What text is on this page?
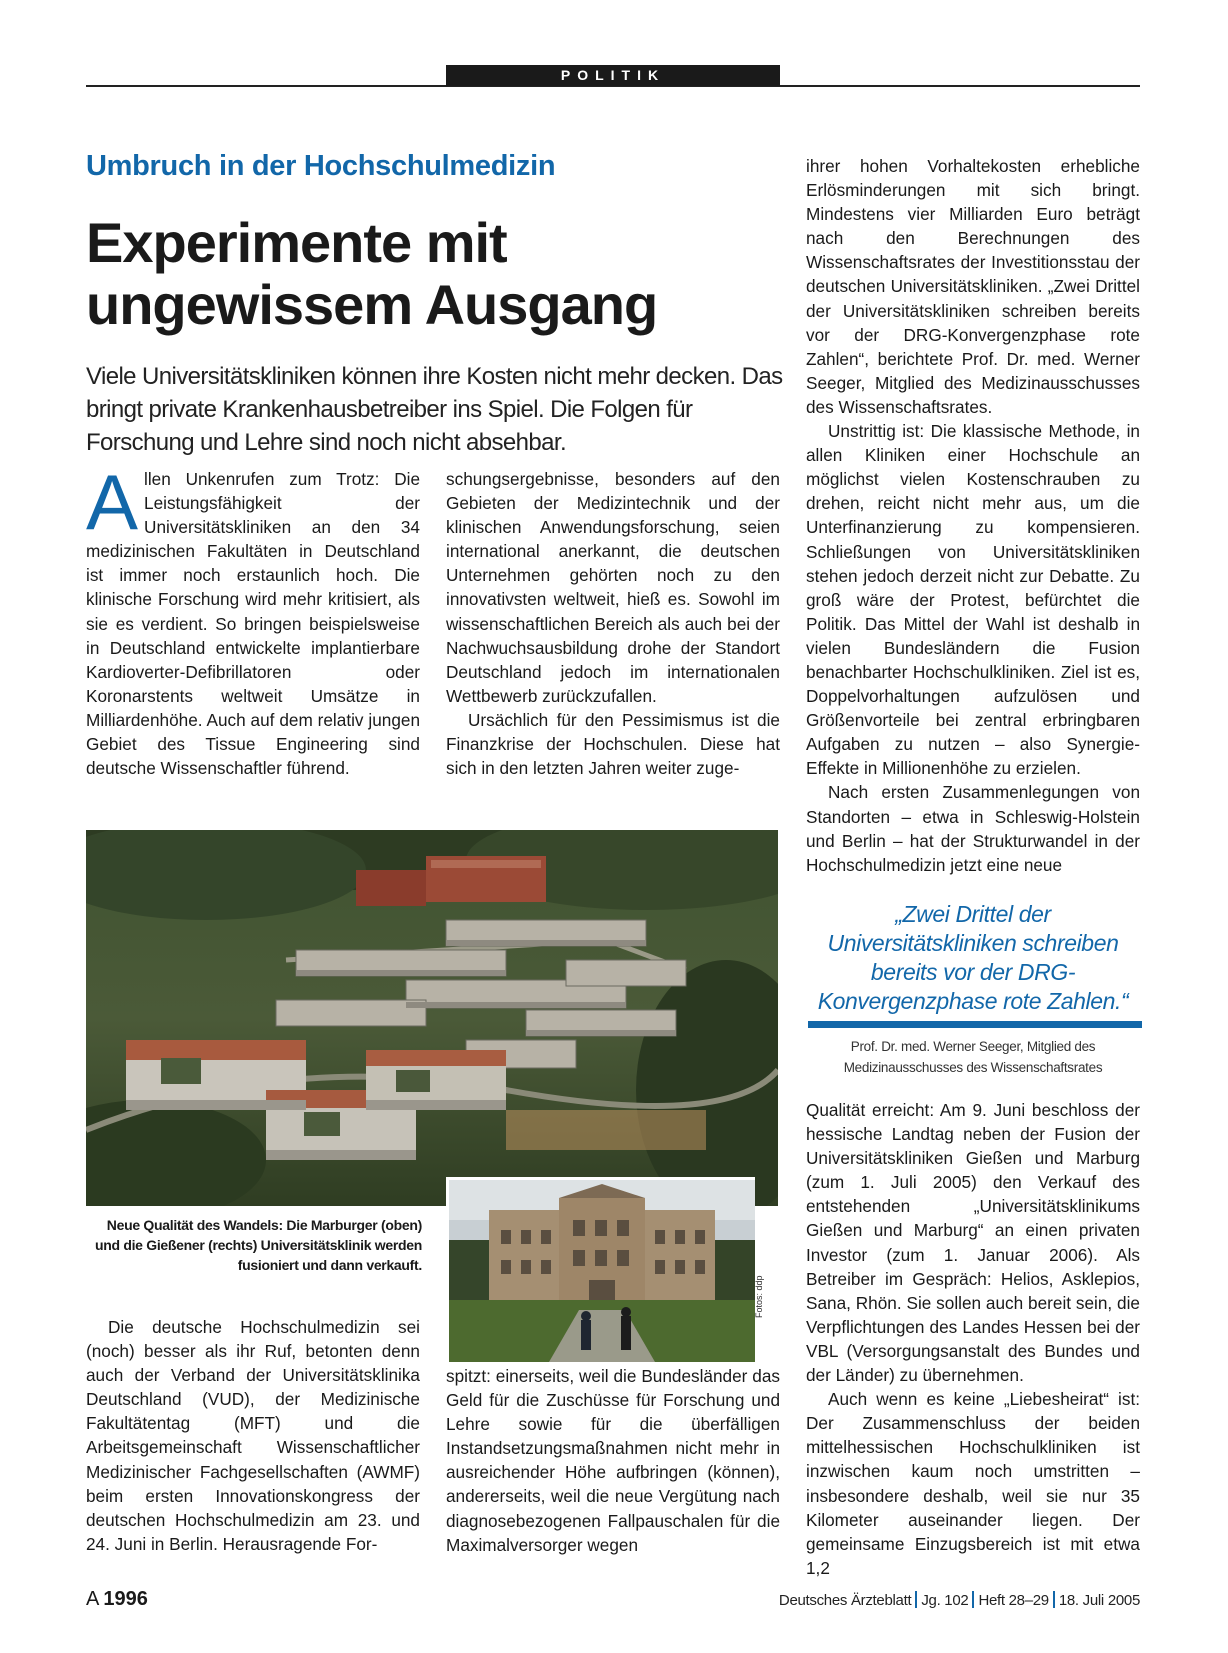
POLITIK
Umbruch in der Hochschulmedizin
Experimente mit ungewissem Ausgang
Viele Universitätskliniken können ihre Kosten nicht mehr decken. Das bringt private Krankenhausbetreiber ins Spiel. Die Folgen für Forschung und Lehre sind noch nicht absehbar.

Allen Unkenrufen zum Trotz: Die Leistungsfähigkeit der Universitätskliniken an den 34 medizinischen Fakultäten in Deutschland ist immer noch erstaunlich hoch. Die klinische Forschung wird mehr kritisiert, als sie es verdient. So bringen beispielsweise in Deutschland entwickelte implantierbare Kardioverter-Defibrillatoren oder Koronarstents weltweit Umsätze in Milliardenhöhe. Auch auf dem relativ jungen Gebiet des Tissue Engineering sind deutsche Wissenschaftler führend.

schungsergebnisse, besonders auf den Gebieten der Medizintechnik und der klinischen Anwendungsforschung, seien international anerkannt, die deutschen Unternehmen gehörten noch zu den innovativsten weltweit, hieß es. Sowohl im wissenschaftlichen Bereich als auch bei der Nachwuchsausbildung drohe der Standort Deutschland jedoch im internationalen Wettbewerb zurückzufallen.

Ursächlich für den Pessimismus ist die Finanzkrise der Hochschulen. Diese hat sich in den letzten Jahren weiter zuge-

ihrer hohen Vorhaltekosten erhebliche Erlösminderungen mit sich bringt. Mindestens vier Milliarden Euro beträgt nach den Berechnungen des Wissenschaftsrates der Investitionsstau der deutschen Universitätskliniken. „Zwei Drittel der Universitätskliniken schreiben bereits vor der DRG-Konvergenzphase rote Zahlen“, berichtete Prof. Dr. med. Werner Seeger, Mitglied des Medizinausschusses des Wissenschaftsrates.

Unstrittig ist: Die klassische Methode, in allen Kliniken einer Hochschule an möglichst vielen Kostenschrauben zu drehen, reicht nicht mehr aus, um die Unterfinanzierung zu kompensieren. Schließungen von Universitätskliniken stehen jedoch derzeit nicht zur Debatte. Zu groß wäre der Protest, befürchtet die Politik. Das Mittel der Wahl ist deshalb in vielen Bundesländern die Fusion benachbarter Hochschulkliniken. Ziel ist es, Doppelvorhaltungen aufzulösen und Größenvorteile bei zentral erbringbaren Aufgaben zu nutzen – also Synergie-Effekte in Millionenhöhe zu erzielen.

Nach ersten Zusammenlegungen von Standorten – etwa in Schleswig-Holstein und Berlin – hat der Strukturwandel in der Hochschulmedizin jetzt eine neue

Fotos: ddp
Neue Qualität des Wandels: Die Marburger (oben) und die Gießener (rechts) Universitätsklinik werden fusioniert und dann verkauft.

Die deutsche Hochschulmedizin sei (noch) besser als ihr Ruf, betonten denn auch der Verband der Universitätsklinika Deutschland (VUD), der Medizinische Fakultätentag (MFT) und die Arbeitsgemeinschaft Wissenschaftlicher Medizinischer Fachgesellschaften (AWMF) beim ersten Innovationskongress der deutschen Hochschulmedizin am 23. und 24. Juni in Berlin. Herausragende For-

spitzt: einerseits, weil die Bundesländer das Geld für die Zuschüsse für Forschung und Lehre sowie für die überfälligen Instandsetzungsmaßnahmen nicht mehr in ausreichender Höhe aufbringen (können), andererseits, weil die neue Vergütung nach diagnosebezogenen Fallpauschalen für die Maximalversorger wegen

„Zwei Drittel der Universitätskliniken schreiben bereits vor der DRG-Konvergenzphase rote Zahlen.“
Prof. Dr. med. Werner Seeger, Mitglied des
Medizinausschusses des Wissenschaftsrates

Qualität erreicht: Am 9. Juni beschloss der hessische Landtag neben der Fusion der Universitätskliniken Gießen und Marburg (zum 1. Juli 2005) den Verkauf des entstehenden „Universitätsklinikums Gießen und Marburg“ an einen privaten Investor (zum 1. Januar 2006). Als Betreiber im Gespräch: Helios, Asklepios, Sana, Rhön. Sie sollen auch bereit sein, die Verpflichtungen des Landes Hessen bei der VBL (Versorgungsanstalt des Bundes und der Länder) zu übernehmen.

Auch wenn es keine „Liebesheirat“ ist: Der Zusammenschluss der beiden mittelhessischen Hochschulkliniken ist inzwischen kaum noch umstritten – insbesondere deshalb, weil sie nur 35 Kilometer auseinander liegen. Der gemeinsame Einzugsbereich ist mit etwa 1,2

A  1996	Deutsches Ärzteblatt Jg. 102 Heft 28–29 18. Juli 2005
